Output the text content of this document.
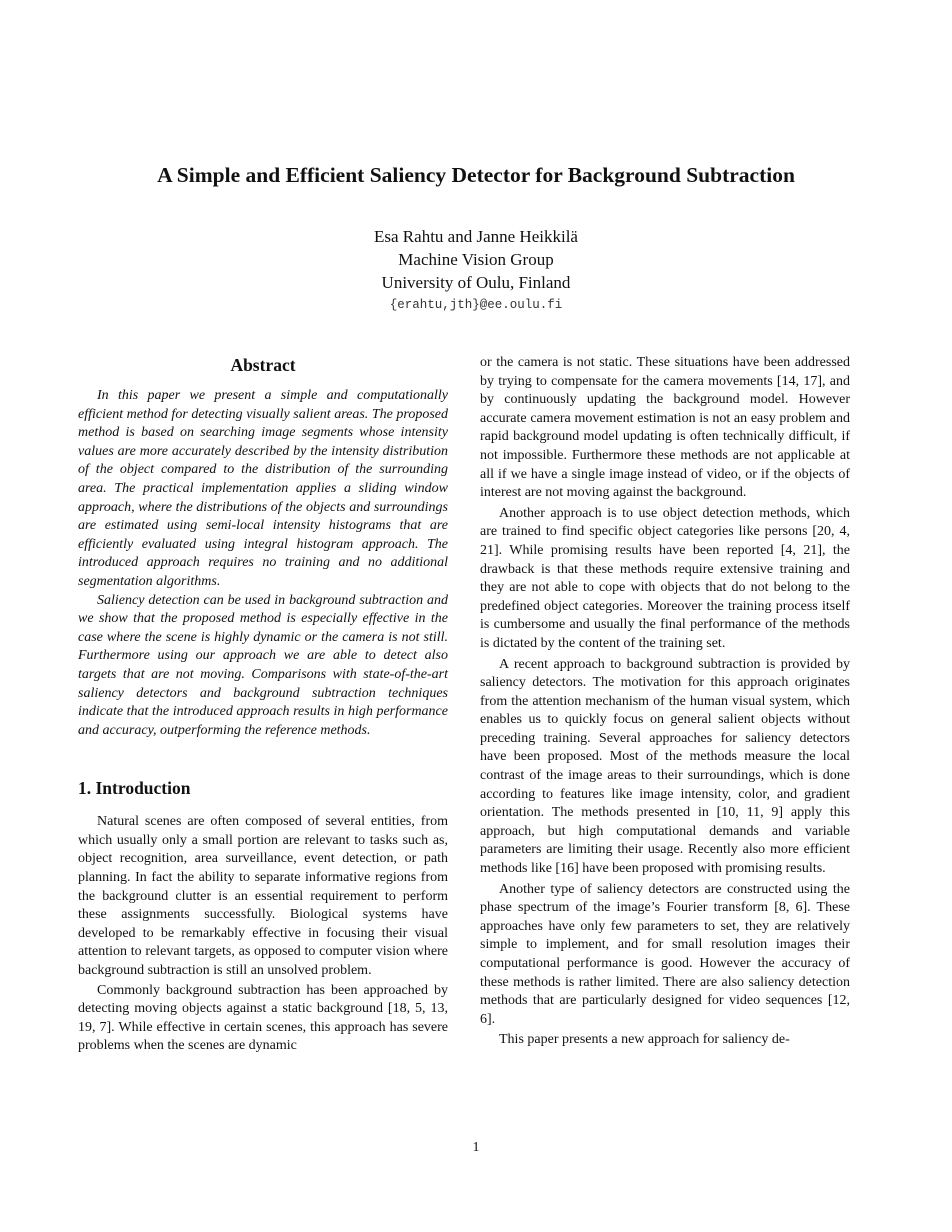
A Simple and Efficient Saliency Detector for Background Subtraction
Esa Rahtu and Janne Heikkilä
Machine Vision Group
University of Oulu, Finland
{erahtu,jth}@ee.oulu.fi
Abstract

In this paper we present a simple and computationally efficient method for detecting visually salient areas. The proposed method is based on searching image segments whose intensity values are more accurately described by the intensity distribution of the object compared to the distribution of the surrounding area. The practical implementation applies a sliding window approach, where the distributions of the objects and surroundings are estimated using semi-local intensity histograms that are efficiently evaluated using integral histogram approach. The introduced approach requires no training and no additional segmentation algorithms.

Saliency detection can be used in background subtraction and we show that the proposed method is especially effective in the case where the scene is highly dynamic or the camera is not still. Furthermore using our approach we are able to detect also targets that are not moving. Comparisons with state-of-the-art saliency detectors and background subtraction techniques indicate that the introduced approach results in high performance and accuracy, outperforming the reference methods.

1. Introduction

Natural scenes are often composed of several entities, from which usually only a small portion are relevant to tasks such as, object recognition, area surveillance, event detection, or path planning. In fact the ability to separate informative regions from the background clutter is an essential requirement to perform these assignments successfully. Biological systems have developed to be remarkably effective in focusing their visual attention to relevant targets, as opposed to computer vision where background subtraction is still an unsolved problem.

Commonly background subtraction has been approached by detecting moving objects against a static background [18, 5, 13, 19, 7]. While effective in certain scenes, this approach has severe problems when the scenes are dynamic

or the camera is not static. These situations have been addressed by trying to compensate for the camera movements [14, 17], and by continuously updating the background model. However accurate camera movement estimation is not an easy problem and rapid background model updating is often technically difficult, if not impossible. Furthermore these methods are not applicable at all if we have a single image instead of video, or if the objects of interest are not moving against the background.

Another approach is to use object detection methods, which are trained to find specific object categories like persons [20, 4, 21]. While promising results have been reported [4, 21], the drawback is that these methods require extensive training and they are not able to cope with objects that do not belong to the predefined object categories. Moreover the training process itself is cumbersome and usually the final performance of the methods is dictated by the content of the training set.

A recent approach to background subtraction is provided by saliency detectors. The motivation for this approach originates from the attention mechanism of the human visual system, which enables us to quickly focus on general salient objects without preceding training. Several approaches for saliency detectors have been proposed. Most of the methods measure the local contrast of the image areas to their surroundings, which is done according to features like image intensity, color, and gradient orientation. The methods presented in [10, 11, 9] apply this approach, but high computational demands and variable parameters are limiting their usage. Recently also more efficient methods like [16] have been proposed with promising results.

Another type of saliency detectors are constructed using the phase spectrum of the image’s Fourier transform [8, 6]. These approaches have only few parameters to set, they are relatively simple to implement, and for small resolution images their computational performance is good. However the accuracy of these methods is rather limited. There are also saliency detection methods that are particularly designed for video sequences [12, 6].

This paper presents a new approach for saliency de-

1
